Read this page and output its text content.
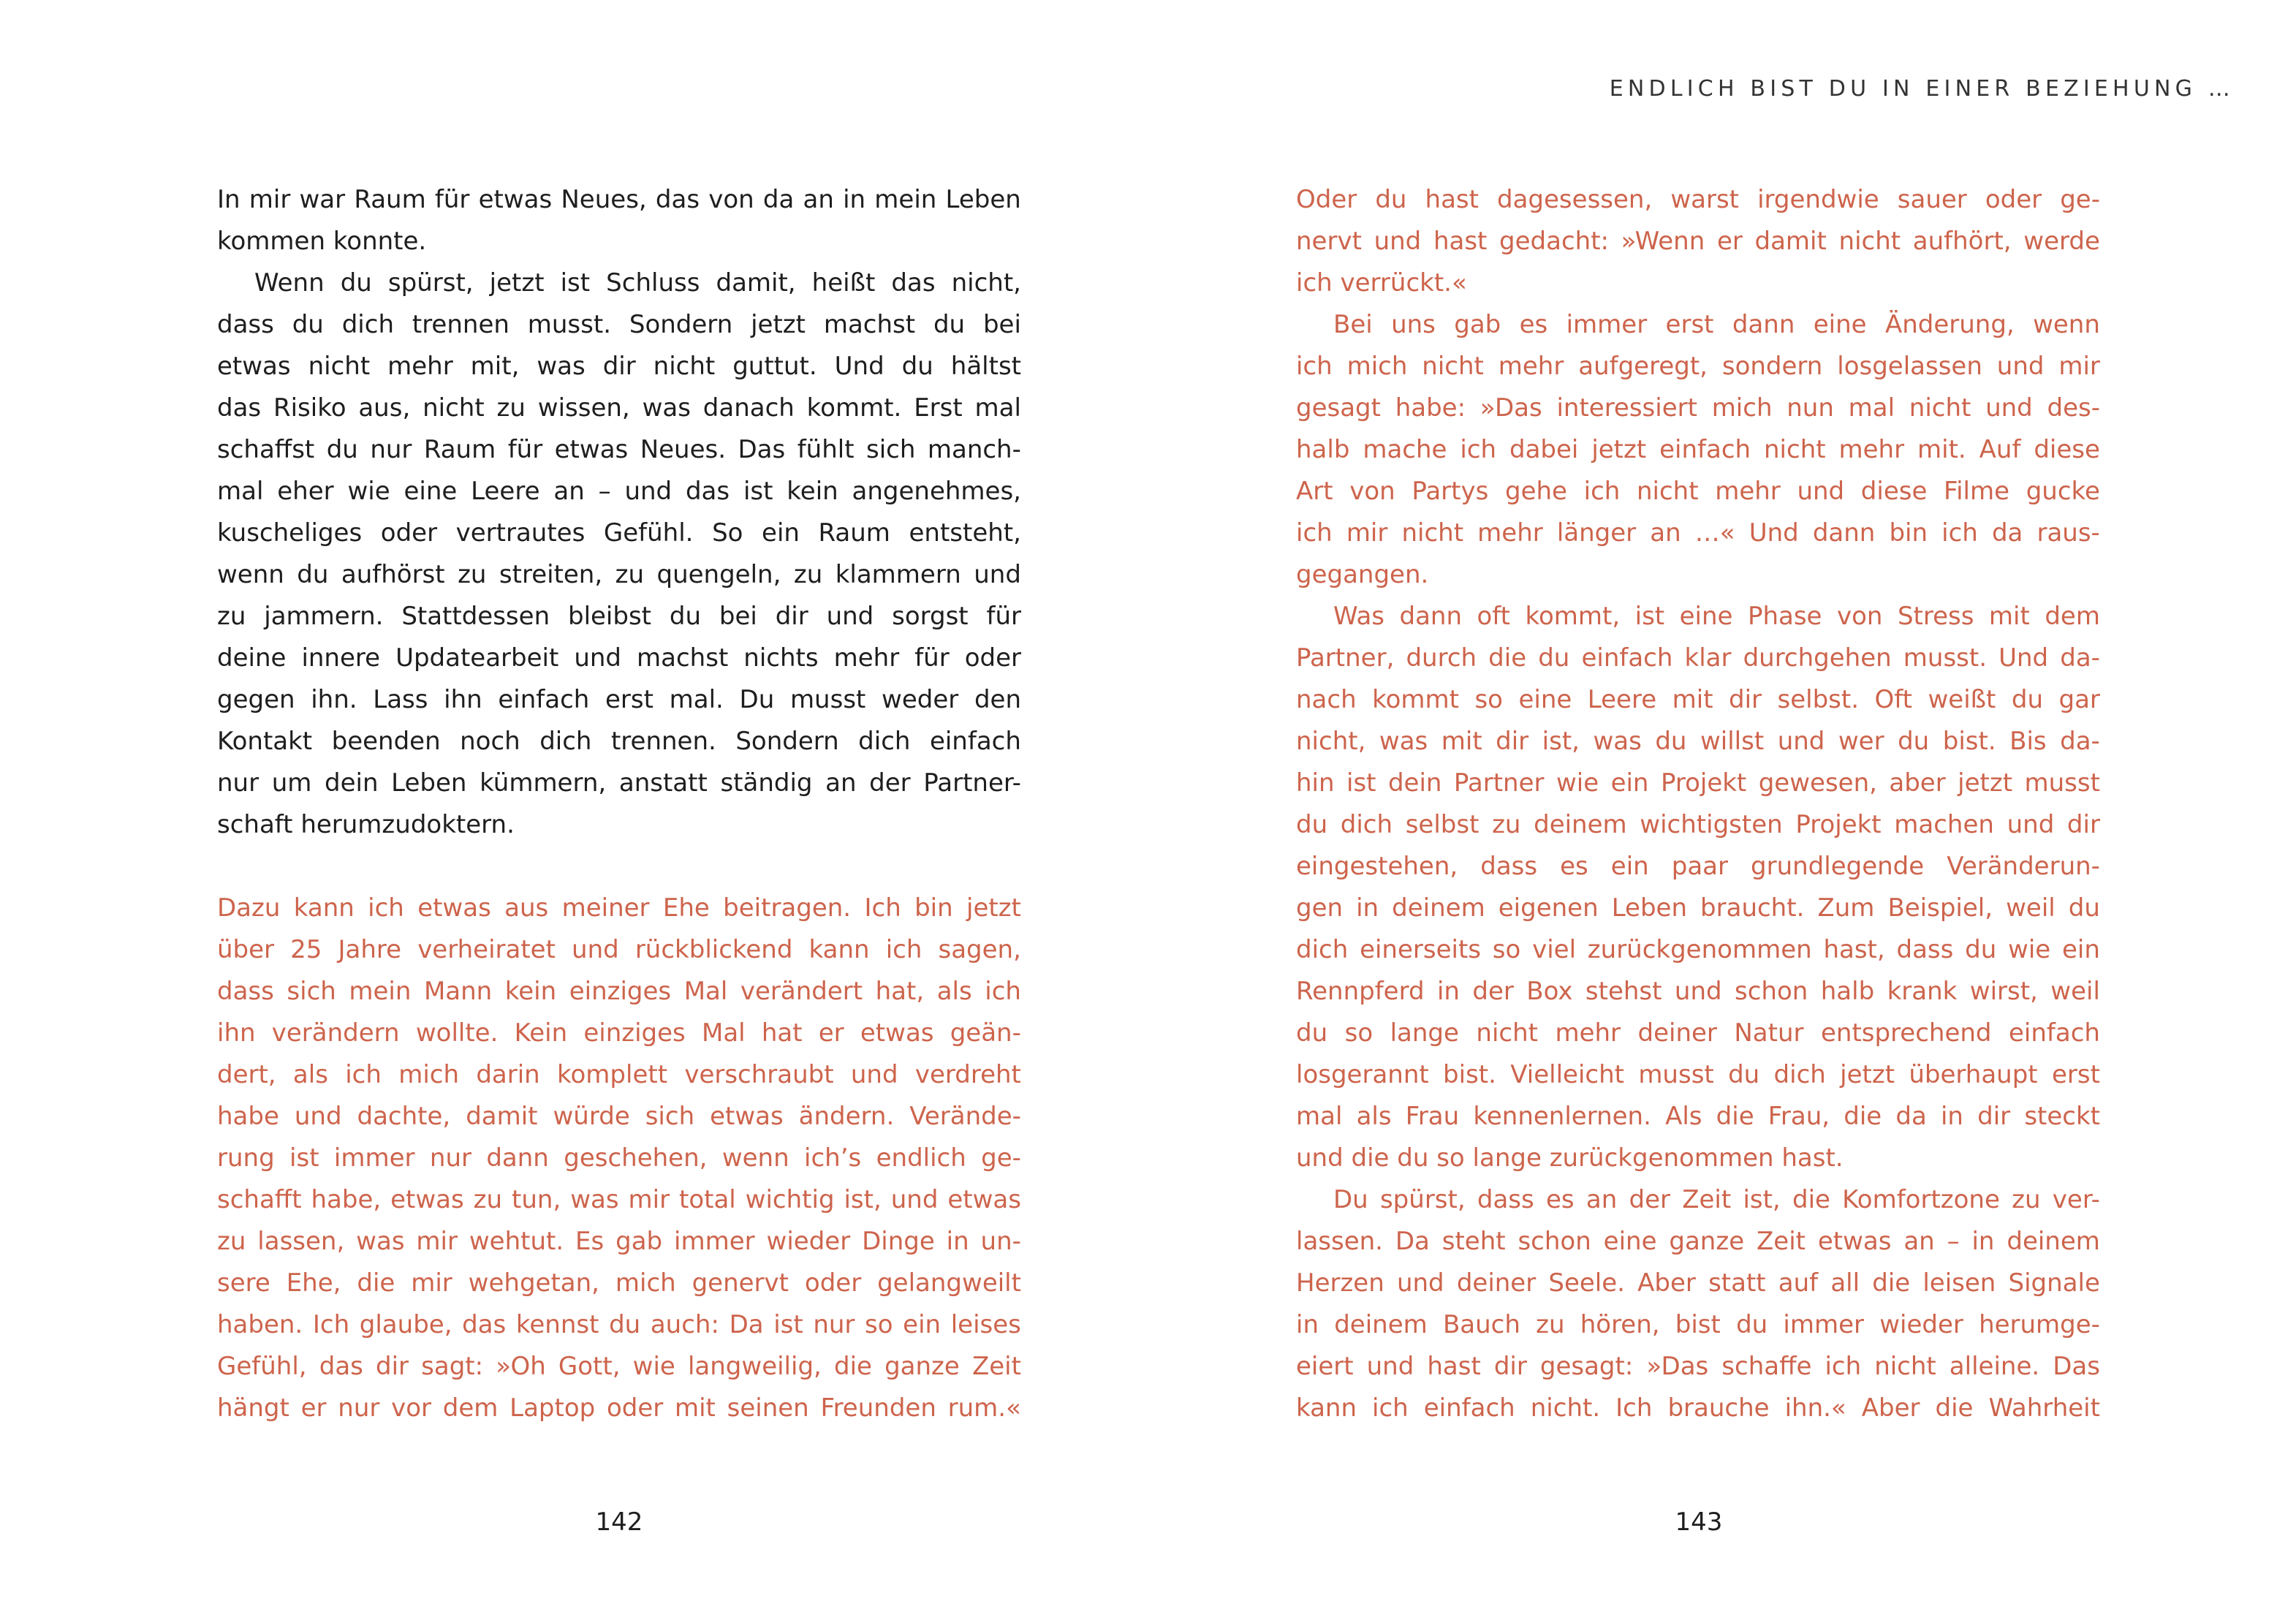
ENDLICH BIST DU IN EINER BEZIEHUNG …
In mir war Raum für etwas Neues, das von da an in mein Leben
kommen konnte.
Wenn du spürst, jetzt ist Schluss damit, heißt das nicht,
dass du dich trennen musst. Sondern jetzt machst du bei
etwas nicht mehr mit, was dir nicht guttut. Und du hältst
das Risiko aus, nicht zu wissen, was danach kommt. Erst mal
schaffst du nur Raum für etwas Neues. Das fühlt sich manch-
mal eher wie eine Leere an – und das ist kein angenehmes,
kuscheliges oder vertrautes Gefühl. So ein Raum entsteht,
wenn du aufhörst zu streiten, zu quengeln, zu klammern und
zu jammern. Stattdessen bleibst du bei dir und sorgst für
deine innere Updatearbeit und machst nichts mehr für oder
gegen ihn. Lass ihn einfach erst mal. Du musst weder den
Kontakt beenden noch dich trennen. Sondern dich einfach
nur um dein Leben kümmern, anstatt ständig an der Partner-
schaft herumzudoktern.
Dazu kann ich etwas aus meiner Ehe beitragen. Ich bin jetzt
über 25 Jahre verheiratet und rückblickend kann ich sagen,
dass sich mein Mann kein einziges Mal verändert hat, als ich
ihn verändern wollte. Kein einziges Mal hat er etwas geän-
dert, als ich mich darin komplett verschraubt und verdreht
habe und dachte, damit würde sich etwas ändern. Verände-
rung ist immer nur dann geschehen, wenn ich’s endlich ge-
schafft habe, etwas zu tun, was mir total wichtig ist, und etwas
zu lassen, was mir wehtut. Es gab immer wieder Dinge in un-
sere Ehe, die mir wehgetan, mich genervt oder gelangweilt
haben. Ich glaube, das kennst du auch: Da ist nur so ein leises
Gefühl, das dir sagt: »Oh Gott, wie langweilig, die ganze Zeit
hängt er nur vor dem Laptop oder mit seinen Freunden rum.«
Oder du hast dagesessen, warst irgendwie sauer oder ge-
nervt und hast gedacht: »Wenn er damit nicht aufhört, werde
ich verrückt.«
Bei uns gab es immer erst dann eine Änderung, wenn
ich mich nicht mehr aufgeregt, sondern losgelassen und mir
gesagt habe: »Das interessiert mich nun mal nicht und des-
halb mache ich dabei jetzt einfach nicht mehr mit. Auf diese
Art von Partys gehe ich nicht mehr und diese Filme gucke
ich mir nicht mehr länger an …« Und dann bin ich da raus-
gegangen.
Was dann oft kommt, ist eine Phase von Stress mit dem
Partner, durch die du einfach klar durchgehen musst. Und da-
nach kommt so eine Leere mit dir selbst. Oft weißt du gar
nicht, was mit dir ist, was du willst und wer du bist. Bis da-
hin ist dein Partner wie ein Projekt gewesen, aber jetzt musst
du dich selbst zu deinem wichtigsten Projekt machen und dir
eingestehen, dass es ein paar grundlegende Veränderun-
gen in deinem eigenen Leben braucht. Zum Beispiel, weil du
dich einerseits so viel zurückgenommen hast, dass du wie ein
Rennpferd in der Box stehst und schon halb krank wirst, weil
du so lange nicht mehr deiner Natur entsprechend einfach
losgerannt bist. Vielleicht musst du dich jetzt überhaupt erst
mal als Frau kennenlernen. Als die Frau, die da in dir steckt
und die du so lange zurückgenommen hast.
Du spürst, dass es an der Zeit ist, die Komfortzone zu ver-
lassen. Da steht schon eine ganze Zeit etwas an – in deinem
Herzen und deiner Seele. Aber statt auf all die leisen Signale
in deinem Bauch zu hören, bist du immer wieder herumge-
eiert und hast dir gesagt: »Das schaffe ich nicht alleine. Das
kann ich einfach nicht. Ich brauche ihn.« Aber die Wahrheit
142	143
